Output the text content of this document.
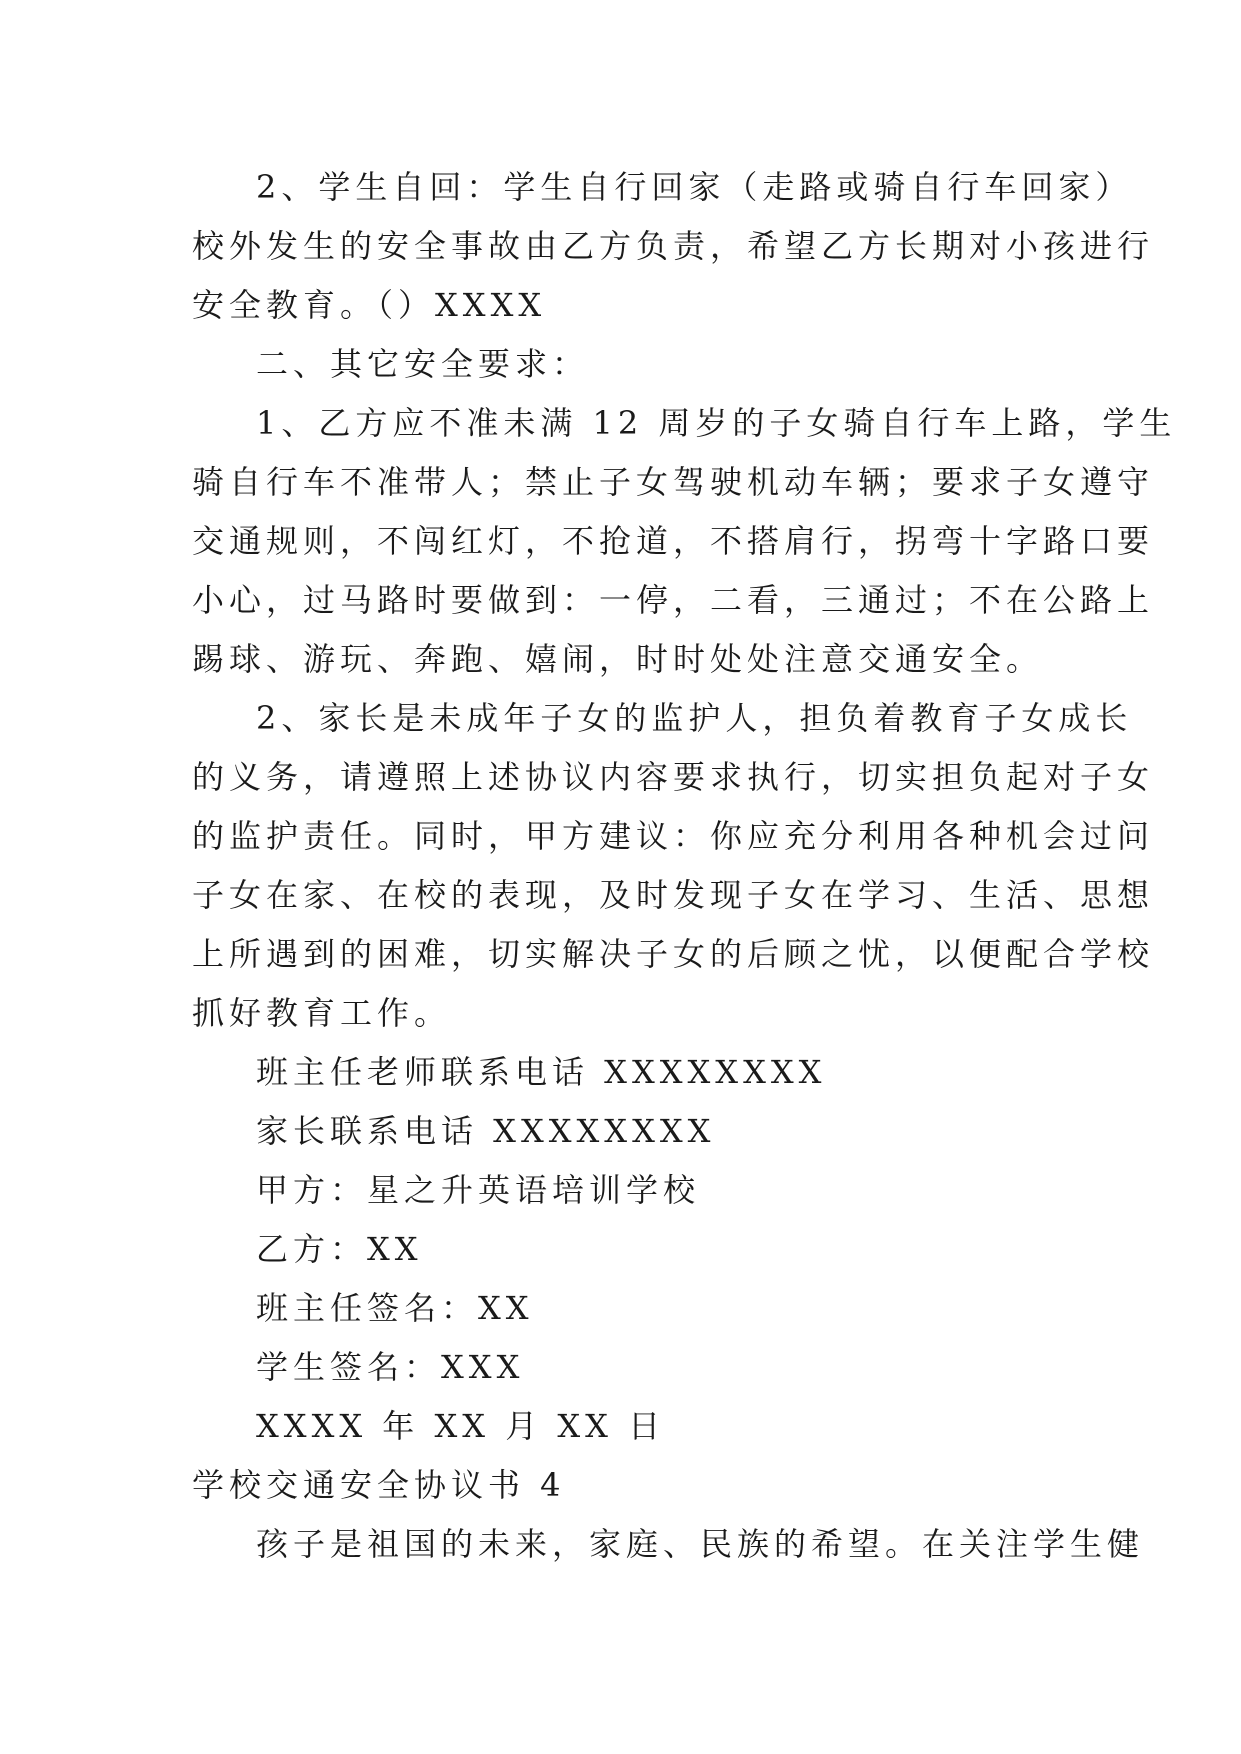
2、学生自回：学生自行回家（走路或骑自行车回家）
校外发生的安全事故由乙方负责，希望乙方长期对小孩进行
安全教育。（）XXXX
二、其它安全要求：
1、乙方应不准未满 12 周岁的子女骑自行车上路，学生
骑自行车不准带人；禁止子女驾驶机动车辆；要求子女遵守
交通规则，不闯红灯，不抢道，不搭肩行，拐弯十字路口要
小心，过马路时要做到：一停，二看，三通过；不在公路上
踢球、游玩、奔跑、嬉闹，时时处处注意交通安全。
2、家长是未成年子女的监护人，担负着教育子女成长
的义务，请遵照上述协议内容要求执行，切实担负起对子女
的监护责任。同时，甲方建议：你应充分利用各种机会过问
子女在家、在校的表现，及时发现子女在学习、生活、思想
上所遇到的困难，切实解决子女的后顾之忧，以便配合学校
抓好教育工作。
班主任老师联系电话 XXXXXXXX
家长联系电话 XXXXXXXX
甲方：星之升英语培训学校
乙方：XX
班主任签名：XX
学生签名：XXX
XXXX 年 XX 月 XX 日
学校交通安全协议书 4
孩子是祖国的未来，家庭、民族的希望。在关注学生健
